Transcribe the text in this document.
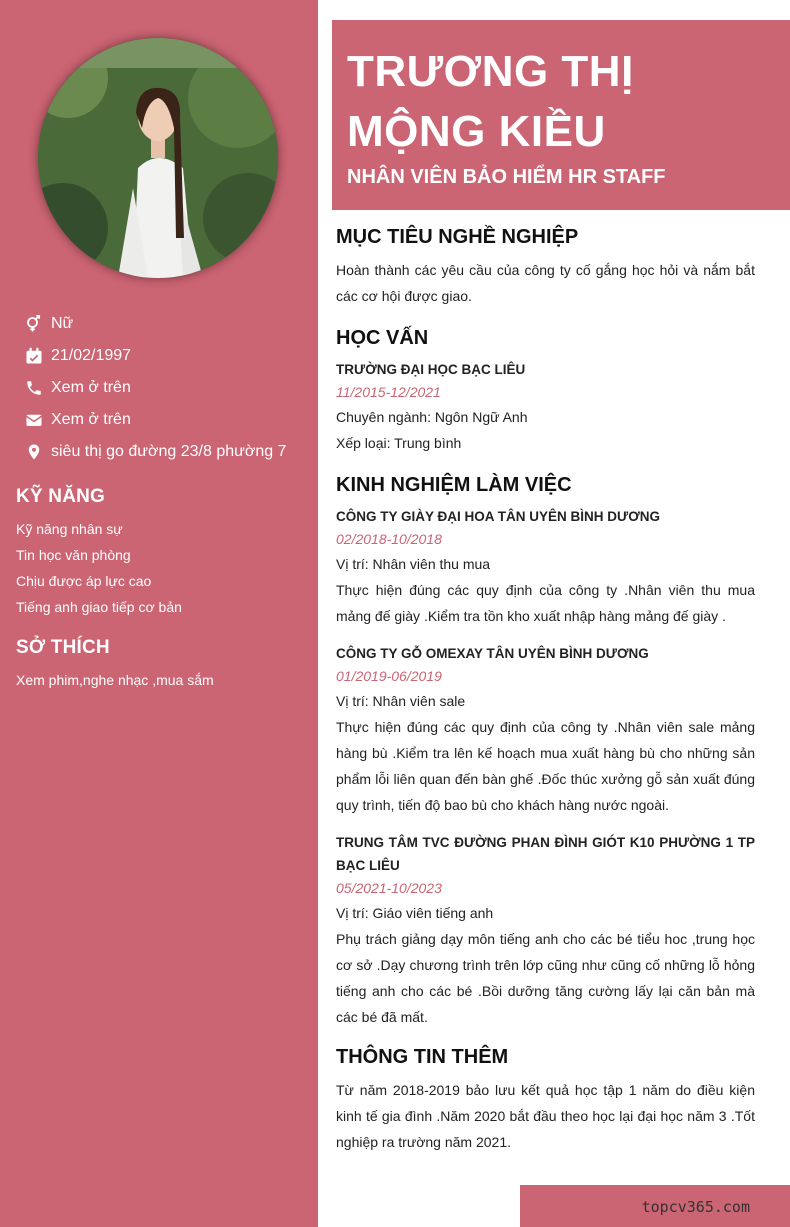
Nữ
21/02/1997
Xem ở trên
Xem ở trên
siêu thị go đường 23/8 phường 7
KỸ NĂNG
Kỹ năng nhân sự
Tin học văn phòng
Chịu được áp lực cao
Tiếng anh giao tiếp cơ bản
SỞ THÍCH
Xem phim,nghe nhạc ,mua sắm
TRƯƠNG THỊ MỘNG KIỀU
NHÂN VIÊN BẢO HIỂM HR STAFF
MỤC TIÊU NGHỀ NGHIỆP
Hoàn thành các yêu cầu của công ty cố gắng học hỏi và nắm bắt các cơ hội được giao.
HỌC VẤN
TRƯỜNG ĐẠI HỌC BẠC LIÊU
11/2015-12/2021
Chuyên ngành: Ngôn Ngữ Anh
Xếp loại: Trung bình
KINH NGHIỆM LÀM VIỆC
CÔNG TY GIÀY ĐẠI HOA TÂN UYÊN BÌNH DƯƠNG
02/2018-10/2018
Vị trí: Nhân viên thu mua
Thực hiện đúng các quy định của công ty .Nhân viên thu mua mảng đế giày .Kiểm tra tồn kho xuất nhập hàng mảng đế giày .
CÔNG TY GỖ OMEXAY TÂN UYÊN BÌNH DƯƠNG
01/2019-06/2019
Vị trí: Nhân viên sale
Thực hiện đúng các quy định của công ty .Nhân viên sale mảng hàng bù .Kiểm tra lên kế hoạch mua xuất hàng bù cho những sản phẩm lỗi liên quan đến bàn ghế .Đốc thúc xưởng gỗ sản xuất đúng quy trình, tiến độ bao bù cho khách hàng nước ngoài.
TRUNG TÂM TVC ĐƯỜNG PHAN ĐÌNH GIÓT K10 PHƯỜNG 1 TP BẠC LIÊU
05/2021-10/2023
Vị trí: Giáo viên tiếng anh
Phụ trách giảng dạy môn tiếng anh cho các bé tiểu hoc ,trung học cơ sở .Dạy chương trình trên lớp cũng như cũng cố những lỗ hỏng tiếng anh cho các bé .Bồi dưỡng tăng cường lấy lại căn bản mà các bé đã mất.
THÔNG TIN THÊM
Từ năm 2018-2019 bảo lưu kết quả học tập 1 năm do điều kiện kinh tế gia đình .Năm 2020 bắt đầu theo học lại đại học năm 3 .Tốt nghiệp ra trường năm 2021.
topcv365.com
